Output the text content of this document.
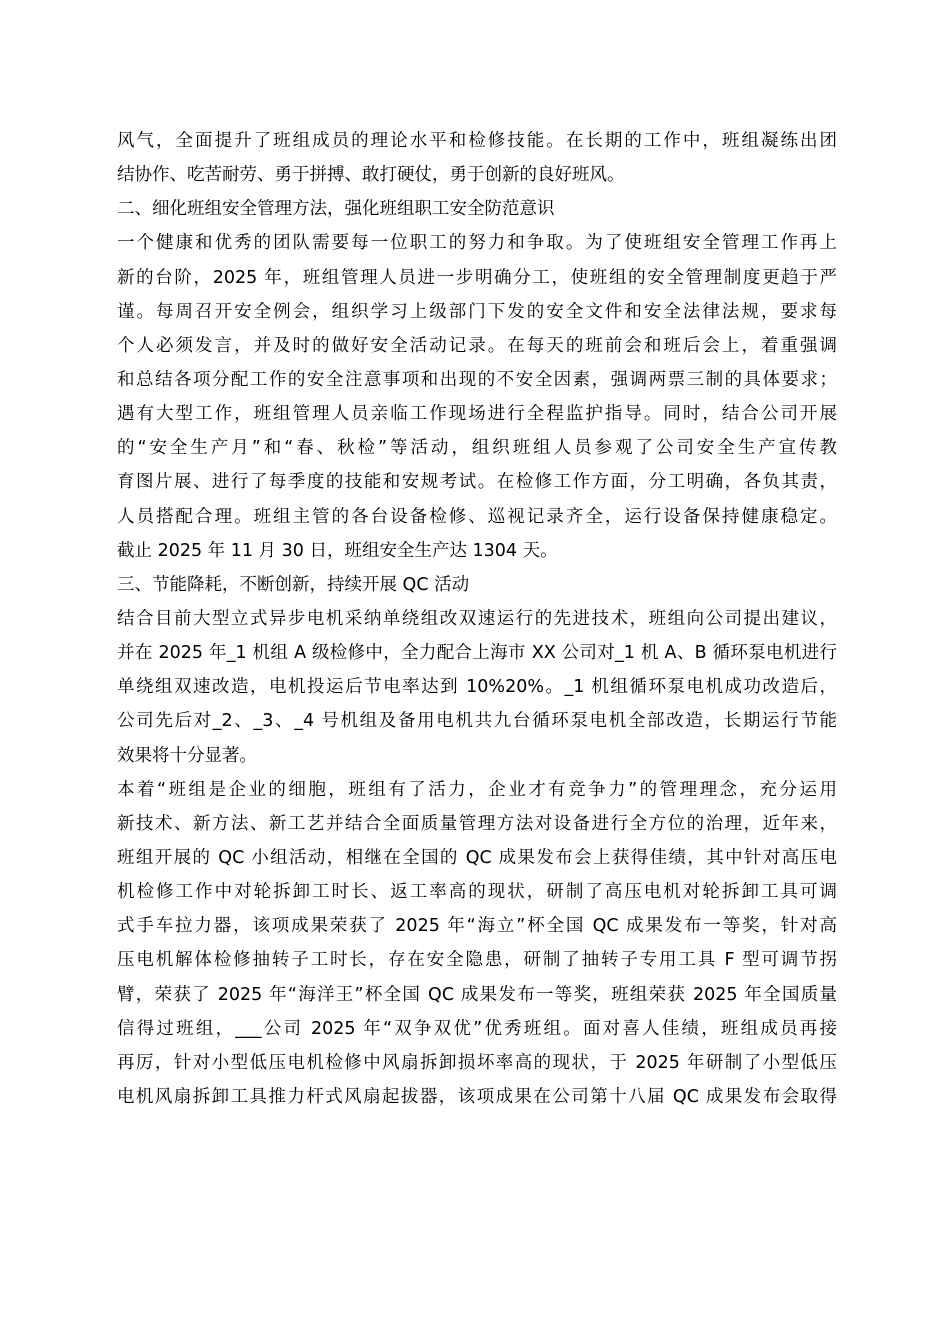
风气，全面提升了班组成员的理论水平和检修技能。在长期的工作中，班组凝练出团
结协作、吃苦耐劳、勇于拼搏、敢打硬仗，勇于创新的良好班风。
二、细化班组安全管理方法，强化班组职工安全防范意识
一个健康和优秀的团队需要每一位职工的努力和争取。为了使班组安全管理工作再上
新的台阶，2025 年，班组管理人员进一步明确分工，使班组的安全管理制度更趋于严
谨。每周召开安全例会，组织学习上级部门下发的安全文件和安全法律法规，要求每
个人必须发言，并及时的做好安全活动记录。在每天的班前会和班后会上，着重强调
和总结各项分配工作的安全注意事项和出现的不安全因素，强调两票三制的具体要求；
遇有大型工作，班组管理人员亲临工作现场进行全程监护指导。同时，结合公司开展
的“安全生产月”和“春、秋检”等活动，组织班组人员参观了公司安全生产宣传教
育图片展、进行了每季度的技能和安规考试。在检修工作方面，分工明确，各负其责，
人员搭配合理。班组主管的各台设备检修、巡视记录齐全，运行设备保持健康稳定。
截止 2025 年 11 月 30 日，班组安全生产达 1304 天。
三、节能降耗，不断创新，持续开展 QC 活动
结合目前大型立式异步电机采纳单绕组改双速运行的先进技术，班组向公司提出建议，
并在 2025 年_1 机组 A 级检修中，全力配合上海市 XX 公司对_1 机 A、B 循环泵电机进行
单绕组双速改造，电机投运后节电率达到 10%20%。_1 机组循环泵电机成功改造后，
公司先后对_2、_3、_4 号机组及备用电机共九台循环泵电机全部改造，长期运行节能
效果将十分显著。
本着“班组是企业的细胞，班组有了活力，企业才有竞争力”的管理理念，充分运用
新技术、新方法、新工艺并结合全面质量管理方法对设备进行全方位的治理，近年来，
班组开展的 QC 小组活动，相继在全国的 QC 成果发布会上获得佳绩，其中针对高压电
机检修工作中对轮拆卸工时长、返工率高的现状，研制了高压电机对轮拆卸工具可调
式手车拉力器，该项成果荣获了 2025 年“海立”杯全国 QC 成果发布一等奖，针对高
压电机解体检修抽转子工时长，存在安全隐患，研制了抽转子专用工具 F 型可调节拐
臂，荣获了 2025 年“海洋王”杯全国 QC 成果发布一等奖，班组荣获 2025 年全国质量
信得过班组，___公司 2025 年“双争双优”优秀班组。面对喜人佳绩，班组成员再接
再厉，针对小型低压电机检修中风扇拆卸损坏率高的现状，于 2025 年研制了小型低压
电机风扇拆卸工具推力杆式风扇起拔器，该项成果在公司第十八届 QC 成果发布会取得
